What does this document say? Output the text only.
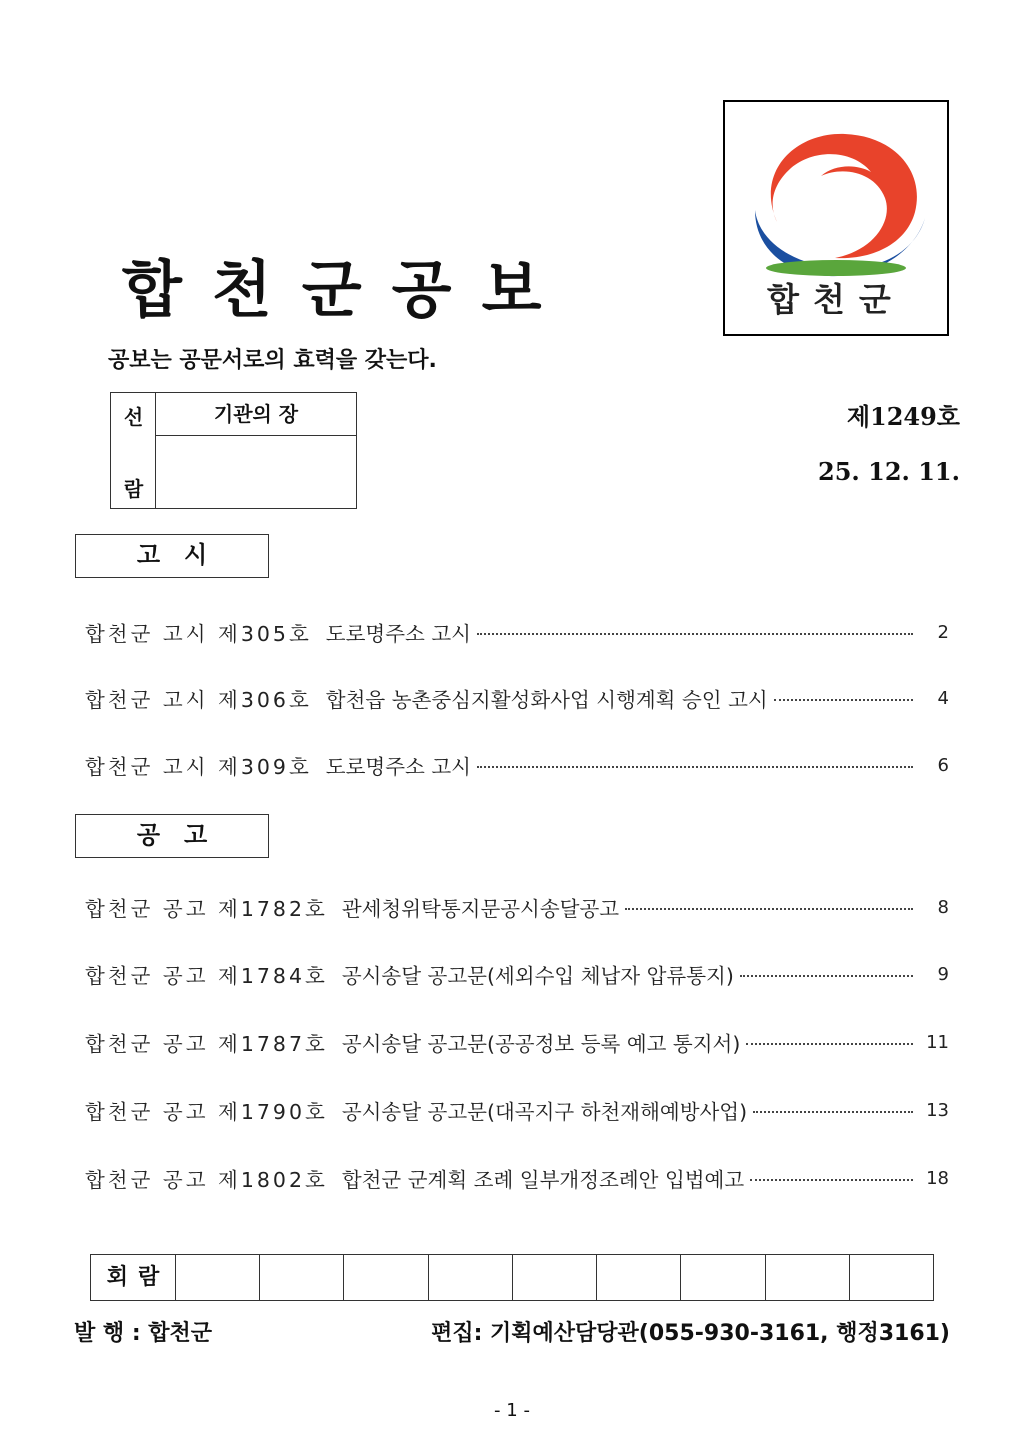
합천군공보
공보는 공문서로의 효력을 갖는다.
합천군
선
람
기관의 장	제1249호
25. 12. 11.
고시
합천군 고시 제305호 도로명주소 고시	2
합천군 고시 제306호 합천읍 농촌중심지활성화사업 시행계획 승인 고시	4
합천군 고시 제309호 도로명주소 고시	6
공고
합천군 공고 제1782호 관세청위탁통지문공시송달공고	8
합천군 공고 제1784호 공시송달 공고문(세외수입 체납자 압류통지)	9
합천군 공고 제1787호 공시송달 공고문(공공정보 등록 예고 통지서)	11
합천군 공고 제1790호 공시송달 공고문(대곡지구 하천재해예방사업)	13
합천군 공고 제1802호 합천군 군계획 조례 일부개정조례안 입법예고	18
회람
발 행 : 합천군	편집: 기획예산담당관(055-930-3161, 행정3161)
- 1 -
